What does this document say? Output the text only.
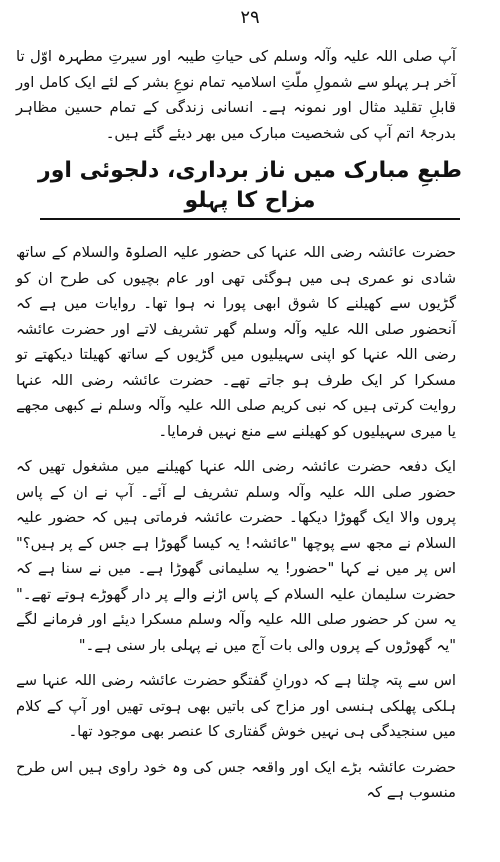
۲۹

آپ صلی اللہ علیہ وآلہ وسلم کی حیاتِ طیبہ اور سیرتِ مطہرہ اوّل تا آخر ہر پہلو سے شمولِ ملّتِ اسلامیہ تمام نوعِ بشر کے لئے ایک کامل اور قابلِ تقلید مثال اور نمونہ ہے۔ انسانی زندگی کے تمام حسین مظاہر بدرجۂ اتم آپ کی شخصیت مبارک میں بھر دیئے گئے ہیں۔

طبعِ مبارک میں ناز برداری، دلجوئی اور مزاح کا پہلو

حضرت عائشہ رضی اللہ عنہا کی حضور علیہ الصلوۃ والسلام کے ساتھ شادی نو عمری ہی میں ہوگئی تھی اور عام بچیوں کی طرح ان کو گڑیوں سے کھیلنے کا شوق ابھی پورا نہ ہوا تھا۔ روایات میں ہے کہ آنحضور صلی اللہ علیہ وآلہ وسلم گھر تشریف لاتے اور حضرت عائشہ رضی اللہ عنہا کو اپنی سہیلیوں میں گڑیوں کے ساتھ کھیلتا دیکھتے تو مسکرا کر ایک طرف ہو جاتے تھے۔ حضرت عائشہ رضی اللہ عنہا روایت کرتی ہیں کہ نبی کریم صلی اللہ علیہ وآلہ وسلم نے کبھی مجھے یا میری سہیلیوں کو کھیلنے سے منع نہیں فرمایا۔

ایک دفعہ حضرت عائشہ رضی اللہ عنہا کھیلنے میں مشغول تھیں کہ حضور صلی اللہ علیہ وآلہ وسلم تشریف لے آئے۔ آپ نے ان کے پاس پروں والا ایک گھوڑا دیکھا۔ حضرت عائشہ فرماتی ہیں کہ حضور علیہ السلام نے مجھ سے پوچھا "عائشہ! یہ کیسا گھوڑا ہے جس کے پر ہیں؟" اس پر میں نے کہا "حضور! یہ سلیمانی گھوڑا ہے۔ میں نے سنا ہے کہ حضرت سلیمان علیہ السلام کے پاس اڑنے والے پر دار گھوڑے ہوتے تھے۔" یہ سن کر حضور صلی اللہ علیہ وآلہ وسلم مسکرا دیئے اور فرمانے لگے "یہ گھوڑوں کے پروں والی بات آج میں نے پہلی بار سنی ہے۔"

اس سے پتہ چلتا ہے کہ دورانِ گفتگو حضرت عائشہ رضی اللہ عنہا سے ہلکی پھلکی ہنسی اور مزاح کی باتیں بھی ہوتی تھیں اور آپ کے کلام میں سنجیدگی ہی نہیں خوش گفتاری کا عنصر بھی موجود تھا۔

حضرت عائشہ بڑے ایک اور واقعہ جس کی وہ خود راوی ہیں اس طرح منسوب ہے کہ
